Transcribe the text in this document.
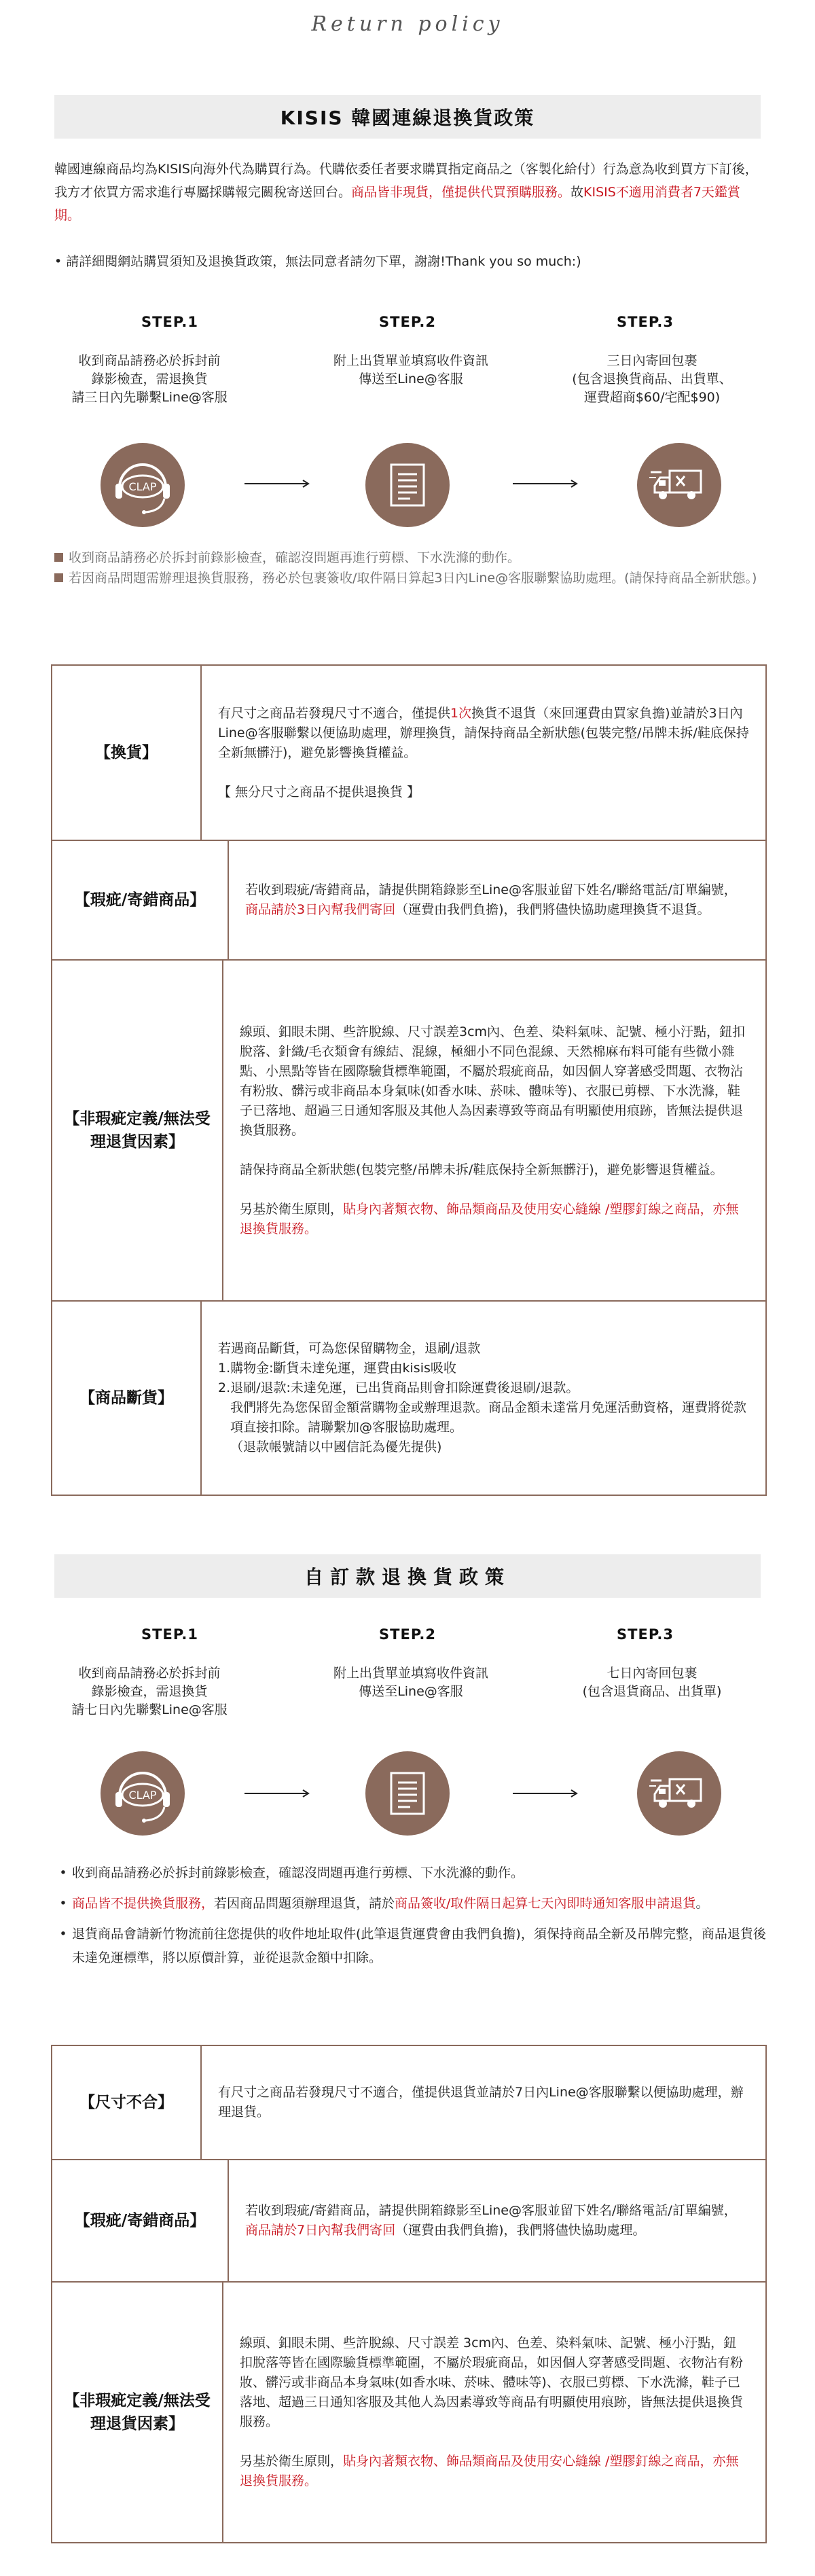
Return policy
KISIS 韓國連線退換貨政策
韓國連線商品均為KISIS向海外代為購買行為。代購依委任者要求購買指定商品之（客製化給付）行為意為收到買方下訂後，我方才依買方需求進行專屬採購報完關稅寄送回台。商品皆非現貨，僅提供代買預購服務。故KISIS不適用消費者7天鑑賞期。
• 請詳細閱網站購買須知及退換貨政策，無法同意者請勿下單，謝謝!Thank you so much:)
STEP.1	STEP.2	STEP.3
收到商品請務必於拆封前
錄影檢查，需退換貨
請三日內先聯繫Line@客服
附上出貨單並填寫收件資訊
傳送至Line@客服
三日內寄回包裹
(包含退換貨商品、出貨單、
運費超商$60/宅配$90)
CLAP
收到商品請務必於拆封前錄影檢查，確認沒問題再進行剪標、下水洗滌的動作。
若因商品問題需辦理退換貨服務，務必於包裹簽收/取件隔日算起3日內Line@客服聯繫協助處理。(請保持商品全新狀態。)
【換貨】

有尺寸之商品若發現尺寸不適合，僅提供1次換貨不退貨（來回運費由買家負擔)並請於3日內Line@客服聯繫以便協助處理，辦理換貨，請保持商品全新狀態(包裝完整/吊牌未拆/鞋底保持全新無髒汙)，避免影響換貨權益。

【 無分尺寸之商品不提供退換貨 】

【瑕疵/寄錯商品】

若收到瑕疵/寄錯商品，請提供開箱錄影至Line@客服並留下姓名/聯絡電話/訂單編號，商品請於3日內幫我們寄回（運費由我們負擔)，我們將儘快協助處理換貨不退貨。

【非瑕疵定義/無法受理退貨因素】

線頭、釦眼未開、些許脫線、尺寸誤差3cm內、色差、染料氣味、記號、極小汙點，鈕扣脫落、針織/毛衣類會有線結、混線，極細小不同色混線、天然棉麻布料可能有些微小雜點、小黑點等皆在國際驗貨標準範圍，不屬於瑕疵商品，如因個人穿著感受問題、衣物沾有粉妝、髒污或非商品本身氣味(如香水味、菸味、體味等)、衣服已剪標、下水洗滌，鞋子已落地、超過三日通知客服及其他人為因素導致等商品有明顯使用痕跡，皆無法提供退換貨服務。

請保持商品全新狀態(包裝完整/吊牌未拆/鞋底保持全新無髒汙)，避免影響退貨權益。

另基於衛生原則，貼身內著類衣物、飾品類商品及使用安心縫線 /塑膠釘線之商品，亦無退換貨服務。

【商品斷貨】
若遇商品斷貨，可為您保留購物金，退刷/退款
1.購物金:斷貨未達免運，運費由kisis吸收
2.退刷/退款:未達免運，已出貨商品則會扣除運費後退刷/退款。
我們將先為您保留金額當購物金或辦理退款。商品金額未達當月免運活動資格，運費將從款項直接扣除。請聯繫加@客服協助處理。
（退款帳號請以中國信託為優先提供)
自訂款退換貨政策
STEP.1	STEP.2	STEP.3
收到商品請務必於拆封前
錄影檢查，需退換貨
請七日內先聯繫Line@客服
附上出貨單並填寫收件資訊
傳送至Line@客服
七日內寄回包裹
(包含退貨商品、出貨單)
CLAP
• 收到商品請務必於拆封前錄影檢查，確認沒問題再進行剪標、下水洗滌的動作。
• 商品皆不提供換貨服務，若因商品問題須辦理退貨，請於商品簽收/取件隔日起算七天內即時通知客服申請退貨。
• 退貨商品會請新竹物流前往您提供的收件地址取件(此筆退貨運費會由我們負擔)，須保持商品全新及吊牌完整，商品退貨後未達免運標準，將以原價計算，並從退款金額中扣除。
【尺寸不合】

有尺寸之商品若發現尺寸不適合，僅提供退貨並請於7日內Line@客服聯繫以便協助處理，辦理退貨。

【瑕疵/寄錯商品】

若收到瑕疵/寄錯商品，請提供開箱錄影至Line@客服並留下姓名/聯絡電話/訂單編號，商品請於7日內幫我們寄回（運費由我們負擔)，我們將儘快協助處理。

【非瑕疵定義/無法受理退貨因素】

線頭、釦眼未開、些許脫線、尺寸誤差 3cm內、色差、染料氣味、記號、極小汙點，鈕扣脫落等皆在國際驗貨標準範圍，不屬於瑕疵商品，如因個人穿著感受問題、衣物沾有粉妝、髒污或非商品本身氣味(如香水味、菸味、體味等)、衣服已剪標、下水洗滌，鞋子已落地、超過三日通知客服及其他人為因素導致等商品有明顯使用痕跡，皆無法提供退換貨服務。

另基於衛生原則，貼身內著類衣物、飾品類商品及使用安心縫線 /塑膠釘線之商品，亦無退換貨服務。
